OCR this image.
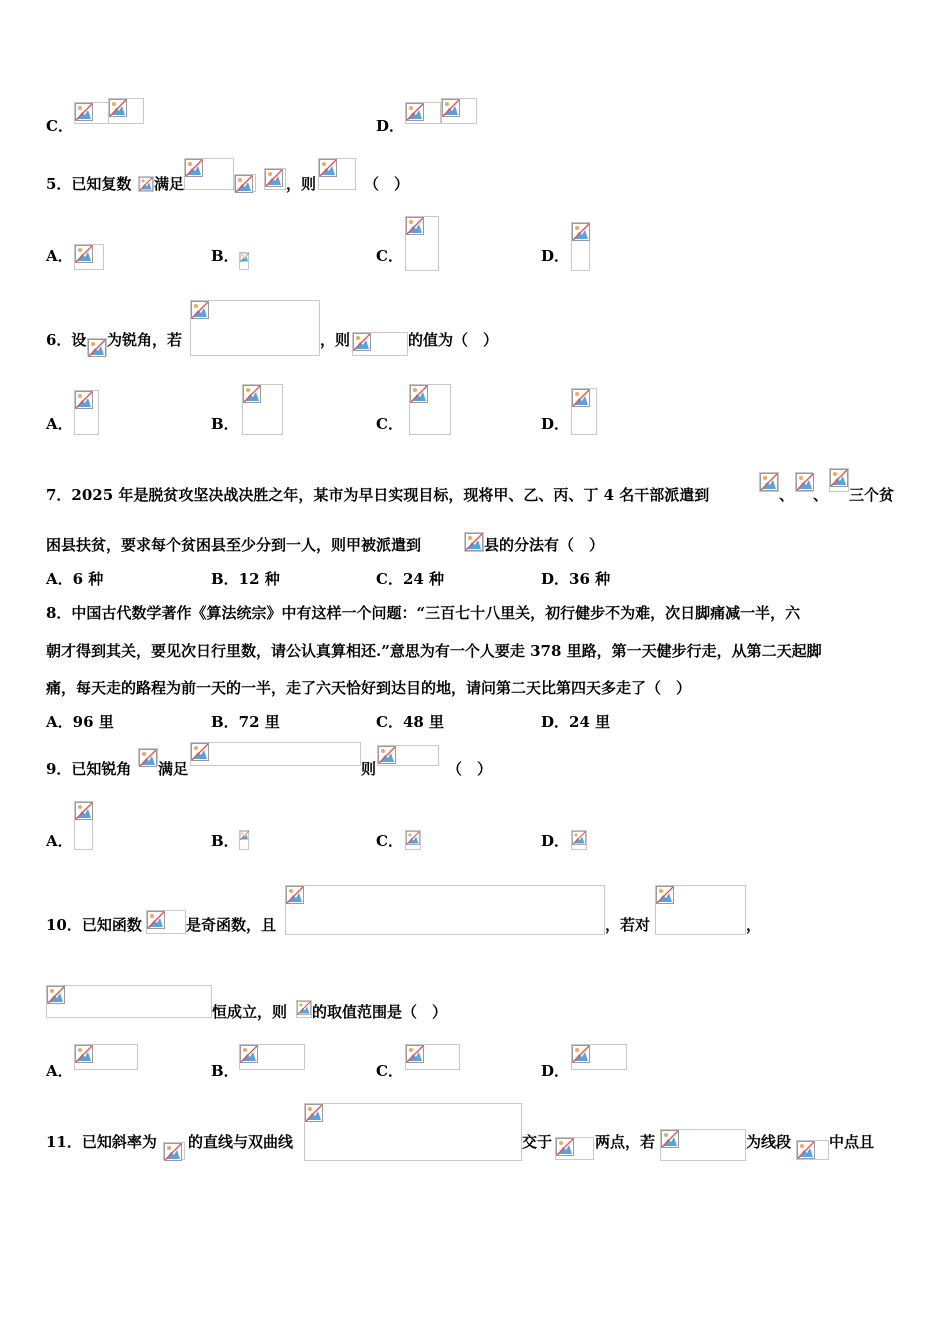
C．	D．
5．已知复数 满足	，则	（　）
A．	B．	C．	D．
6．设 为锐角，若	，则	的值为（　）
A．	B．	C．	D．
7．2025 年是脱贫攻坚决战决胜之年，某市为早日实现目标，现将甲、乙、丙、丁 4 名干部派遣到	、 、 三个贫
困县扶贫，要求每个贫困县至少分到一人，则甲被派遣到	县的分法有（　）
A．6 种	B．12 种	C．24 种	D．36 种
8．中国古代数学著作《算法统宗》中有这样一个问题：“三百七十八里关，初行健步不为难，次日脚痛减一半，六
朝才得到其关，要见次日行里数，请公认真算相还.”意思为有一个人要走 378 里路，第一天健步行走，从第二天起脚
痛，每天走的路程为前一天的一半，走了六天恰好到达目的地，请问第二天比第四天多走了（　）
A．96 里	B．72 里	C．48 里	D．24 里
9．已知锐角 满足	则	（　）
A．	B．	C．	D．
10．已知函数	是奇函数，且	，若对	，
恒成立，则 的取值范围是（　）
A．	B．	C．	D．
11．已知斜率为 的直线与双曲线	交于	两点，若	为线段	中点且
